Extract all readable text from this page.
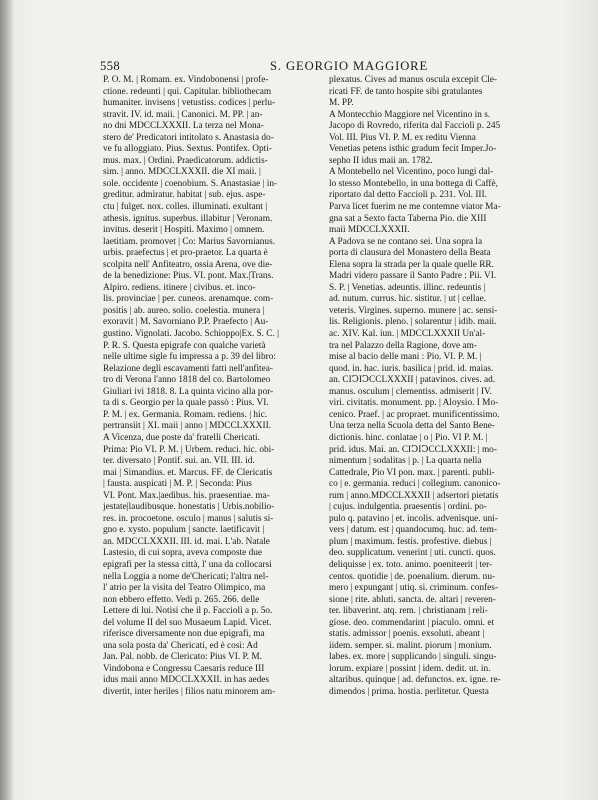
558	S. GEORGIO MAGGIORE
P. O. M. | Romam. ex. Vindobonensi | profe-
ctione. redeunti | qui. Capitular. bibliothecam
humaniter. invisens | vetustiss. codices | perlu-
stravit. IV. id. maii. | Canonici. M. PP. | an-
no dni MDCCLXXXII. La terza nel Mona-
stero de' Predicatori intitolato s. Anastasia do-
ve fu alloggiato. Pius. Sextus. Pontifex. Opti-
mus. max. | Ordini. Praedicatorum. addictis-
sim. | anno. MDCCLXXXII. die XI maii. |
sole. occidente | coenobium. S. Anastasiae | in-
greditur. admiratur. habitat | sub. ejus. aspe-
ctu | fulget. nox. colles. illuminati. exultant |
athesis. ignitus. superbus. illabitur | Veronam.
invitus. deserit | Hospiti. Maximo | omnem.
laetitiam. promovet | Co: Marius Savornianus.
urbis. praefectus | et pro-praetor. La quarta è
scolpita nell' Anfiteatro, ossia Arena, ove die-
de la benedizione: Pius. VI. pont. Max.|Trans.
Alpiro. rediens. itinere | civibus. et. inco-
lis. provinciae | per. cuneos. arenamque. com-
positis | ab. aureo. solio. coelestia. munera |
exoravit | M. Savorniano P.P. Praefecto | Au-
gustino. Vignolati. Jacobo. Schioppo|Ex. S. C. |
P. R. S. Questa epigrafe con qualche varietà
nelle ultime sigle fu impressa a p. 39 del libro:
Relazione degli escavamenti fatti nell'anfitea-
tro di Verona l'anno 1818 del co. Bartolomeo
Giuliari ivi 1818. 8. La quinta vicino alla por-
ta di s. Georgio per la quale passò : Pius. VI.
P. M. | ex. Germania. Romam. rediens. | hic.
pertransiit | XI. maii | anno | MDCCLXXXII.
A Vicenza, due poste da' fratelli Chericati.
Prima: Pio VI. P. M. | Urbem. reduci. hic. obi-
ter. diversato | Pontif. sui. an. VII. III. id.
mai | Simandius. et. Marcus. FF. de Clericatis
| fausta. auspicati | M. P. | Seconda: Pius
VI. Pont. Max.|aedibus. his. praesentiae. ma-
jestate|laudibusque. honestatis | Urbis.nobilio-
res. in. procoetone. osculo | manus | salutis si-
gno e. xysto. populum | sancte. laetificavit |
an. MDCCLXXXII. III. id. mai. L'ab. Natale
Lastesio, di cui sopra, aveva composte due
epigrafi per la stessa città, l' una da collocarsi
nella Loggia a nome de'Chericati; l'altra nel-
l' atrio per la visita del Teatro Olimpico, ma
non ebbero effetto. Vedi p. 265. 266. delle
Lettere di lui. Notisi che il p. Facciolì a p. 5o.
del volume II del suo Musaeum Lapid. Vicet.
riferisce diversamente non due epigrafi, ma
una sola posta da' Chericati, ed è così: Ad
Jan. Pal. nobb. de Clericato: Pius VI. P. M.
Vindobona e Congressu Caesaris reduce III
idus maii anno MDCCLXXXII. in has aedes
divertit, inter heriles | filios natu minorem am-
plexatus. Cives ad manus oscula excepit Cle-
ricati FF. de tanto hospite sibi gratulantes
M. PP.
A Montecchio Maggiore nel Vicentino in s.
Jacopo di Rovredo, riferita dal Facciolì p. 245
Vol. III. Pius VI. P. M. ex reditu Vienna
Venetias petens isthic gradum fecit Imper.Jo-
sepho II idus maii an. 1782.
A Montebello nel Vicentino, poco lungi dal-
lo stesso Montebello, in una bottega di Caffè,
riportato dal detto Facciolì p. 231. Vol. III.
Parva licet fuerim ne me contemne viator Ma-
gna sat a Sexto facta Taberna Pio. die XIII
maii MDCCLXXXII.
A Padova se ne contano sei. Una sopra la
porta di clausura del Monastero della Beata
Elena sopra la strada per la quale quelle RR.
Madri videro passare il Santo Padre : Pii. VI.
S. P. | Venetias. adeuntis. illinc. redeuntis |
ad. nutum. currus. hic. sistitur. | ut | cellae.
veteris. Virgines. superno. munere | ac. sensi-
lis. Religionis. pleno. | solarentur | idib. maii.
ac. XIV. Kal. iun. | MDCCLXXXII Un'al-
tra nel Palazzo della Ragione, dove am-
mise al bacio delle mani : Pio. VI. P. M. |
quod. in. hac. iuris. basilica | prid. id. maias.
an. CIↃIↃCCLXXXII | patavinos. cives. ad.
manus. osculum | clementiss. admiserit | IV.
viri. civitatis. monument. pp. | Aloysio. I Mo-
cenico. Praef. | ac propraet. munificentissimo.
Una terza nella Scuola detta del Santo Bene-
dictionis. hinc. conlatae | o | Pio. VI P. M. |
prid. idus. Mai. an. CIↃIↃCCLXXXII: | mo-
nimentum | sodalitas | p. | La quarta nella
Cattedrale, Pio VI pon. max. | parenti. publi-
co | e. germania. reduci | collegium. canonico-
rum | anno.MDCCLXXXII | adsertori pietatis
| cujus. indulgentia. praesentis | ordini. po-
pulo q. patavino | et. incolis. advenisque. uni-
vers | datum. est | quandocumq. huc. ad. tem-
plum | maximum. festis. profestive. diebus |
deo. supplicatum. venerint | uti. cuncti. quos.
deliquisse | ex. toto. animo. poeniteerit | ter-
centos. quotidie | de. poenalium. dierum. nu-
mero | expungant | utiq. si. criminum. confes-
sione | rite. abluti. sancta. de. altari | reveren-
ter. libaverint. atq. rem. | christianam | reli-
giose. deo. commendarint | piaculo. omni. et
statis. admissor | poenis. exsoluti. abeant |
iidem. semper. si. malint. piorum | monium.
labes. ex. more | supplicando | singuli. singu-
lorum. expiare | possint | idem. dedit. ut. in.
altaribus. quinque | ad. defunctos. ex. igne. re-
dimendos | prima. hostia. perlitetur. Questa
